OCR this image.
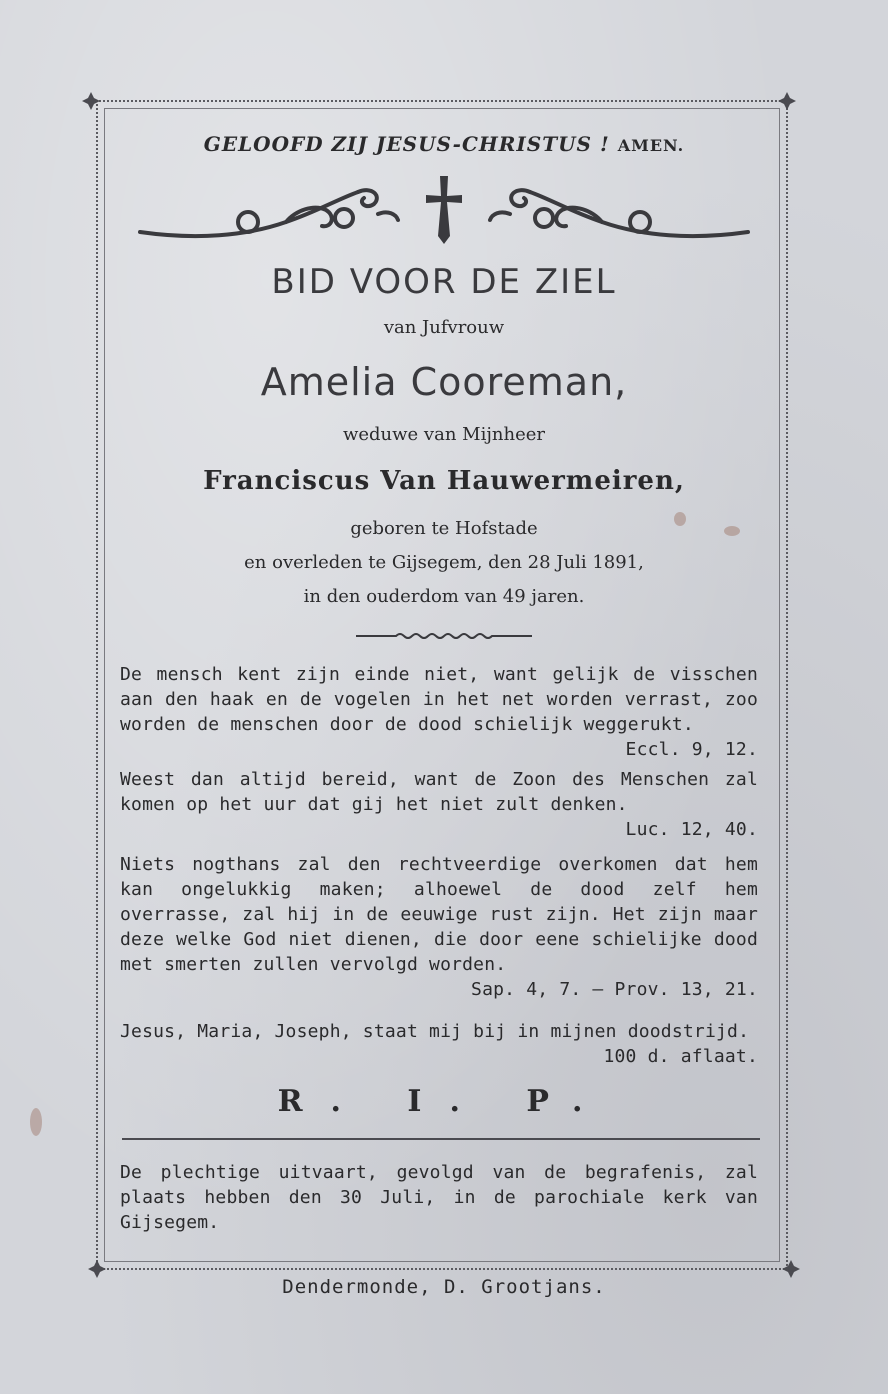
GELOOFD ZIJ JESUS-CHRISTUS ! AMEN.
BID VOOR DE ZIEL
van Jufvrouw
Amelia Cooreman,
weduwe van Mijnheer
Franciscus Van Hauwermeiren,
geboren te Hofstade
en overleden te Gijsegem, den 28 Juli 1891,
in den ouderdom van 49 jaren.
De mensch kent zijn einde niet, want gelijk de visschen aan den haak en de vogelen in het net worden verrast, zoo worden de menschen door de dood schielijk weggerukt.
Eccl. 9, 12.
Weest dan altijd bereid, want de Zoon des Menschen zal komen op het uur dat gij het niet zult denken.
Luc. 12, 40.
Niets nogthans zal den rechtveerdige overkomen dat hem kan ongelukkig maken; alhoewel de dood zelf hem overrasse, zal hij in de eeuwige rust zijn. Het zijn maar deze welke God niet dienen, die door eene schielijke dood met smerten zullen vervolgd worden.
Sap. 4, 7. — Prov. 13, 21.
Jesus, Maria, Joseph, staat mij bij in mijnen doodstrijd.
100 d. aflaat.
R. I. P.
De plechtige uitvaart, gevolgd van de begrafenis, zal plaats hebben den 30 Juli, in de parochiale kerk van Gijsegem.
Dendermonde, D. Grootjans.
